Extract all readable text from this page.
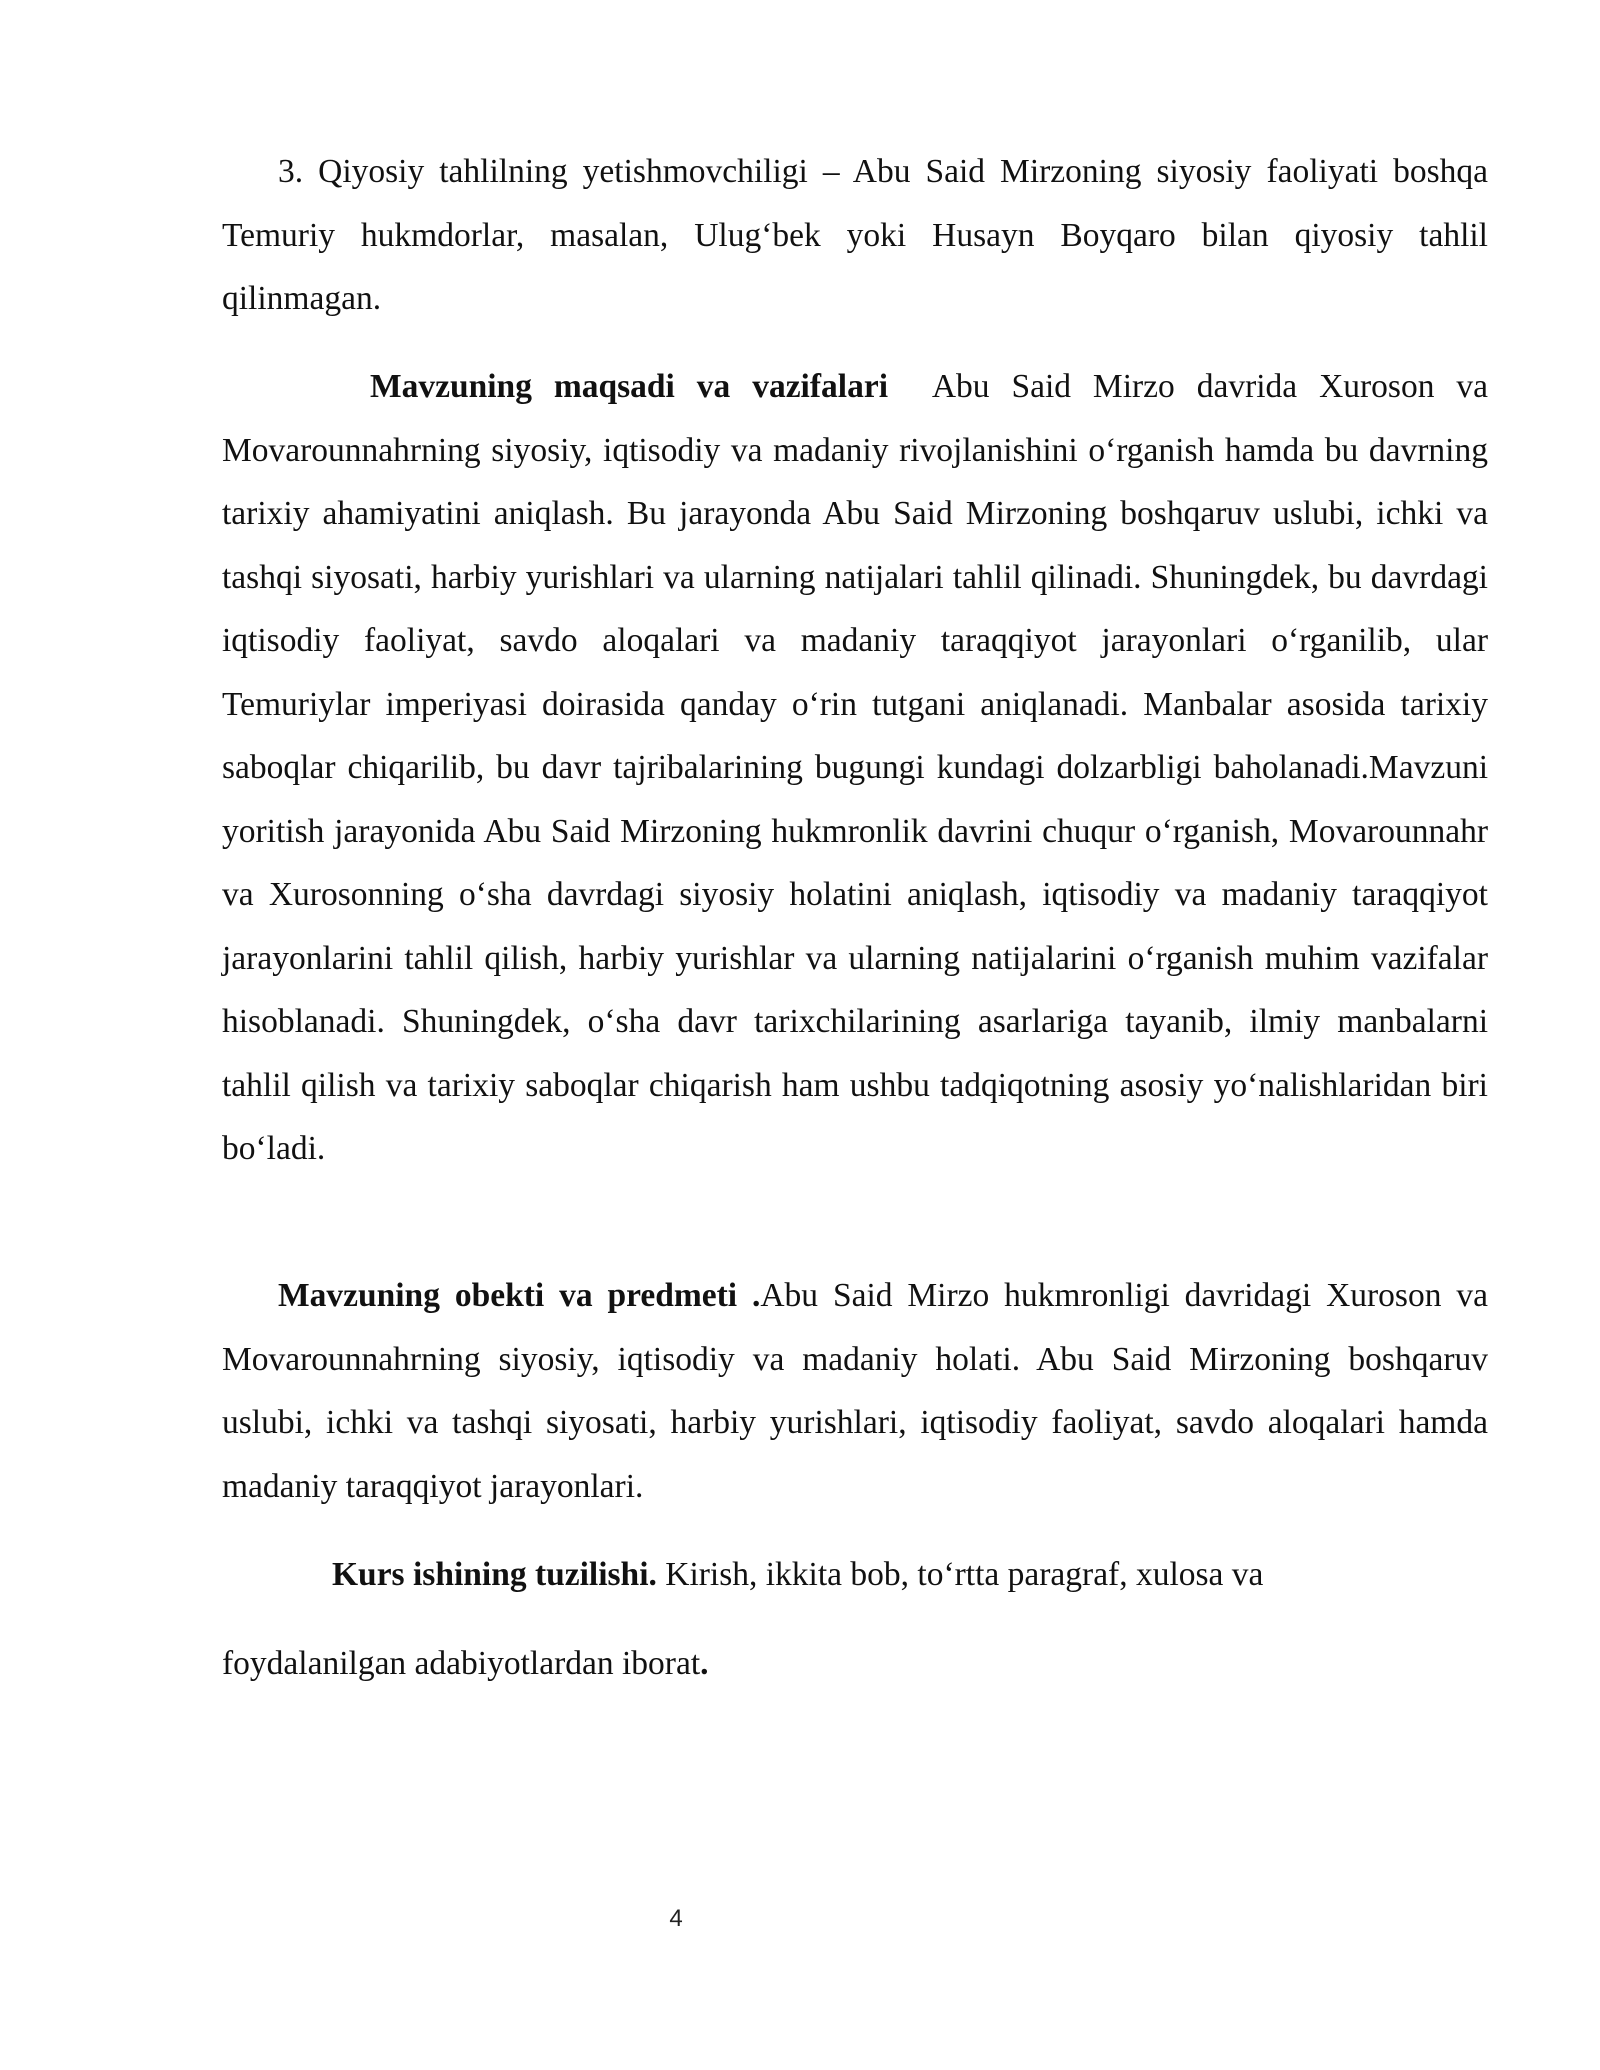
3. Qiyosiy tahlilning yetishmovchiligi – Abu Said Mirzoning siyosiy faoliyati boshqa Temuriy hukmdorlar, masalan, Ulug‘bek yoki Husayn Boyqaro bilan qiyosiy tahlil qilinmagan.

Mavzuning maqsadi va vazifalari Abu Said Mirzo davrida Xuroson va Movarounnahrning siyosiy, iqtisodiy va madaniy rivojlanishini o‘rganish hamda bu davrning tarixiy ahamiyatini aniqlash. Bu jarayonda Abu Said Mirzoning boshqaruv uslubi, ichki va tashqi siyosati, harbiy yurishlari va ularning natijalari tahlil qilinadi. Shuningdek, bu davrdagi iqtisodiy faoliyat, savdo aloqalari va madaniy taraqqiyot jarayonlari o‘rganilib, ular Temuriylar imperiyasi doirasida qanday o‘rin tutgani aniqlanadi. Manbalar asosida tarixiy saboqlar chiqarilib, bu davr tajribalarining bugungi kundagi dolzarbligi baholanadi.Mavzuni yoritish jarayonida Abu Said Mirzoning hukmronlik davrini chuqur o‘rganish, Movarounnahr va Xurosonning o‘sha davrdagi siyosiy holatini aniqlash, iqtisodiy va madaniy taraqqiyot jarayonlarini tahlil qilish, harbiy yurishlar va ularning natijalarini o‘rganish muhim vazifalar hisoblanadi. Shuningdek, o‘sha davr tarixchilarining asarlariga tayanib, ilmiy manbalarni tahlil qilish va tarixiy saboqlar chiqarish ham ushbu tadqiqotning asosiy yo‘nalishlaridan biri bo‘ladi.

Mavzuning obekti va predmeti .Abu Said Mirzo hukmronligi davridagi Xuroson va Movarounnahrning siyosiy, iqtisodiy va madaniy holati. Abu Said Mirzoning boshqaruv uslubi, ichki va tashqi siyosati, harbiy yurishlari, iqtisodiy faoliyat, savdo aloqalari hamda madaniy taraqqiyot jarayonlari.

Kurs ishining tuzilishi. Kirish, ikkita bob, to‘rtta paragraf, xulosa va

foydalanilgan adabiyotlardan iborat.

4
